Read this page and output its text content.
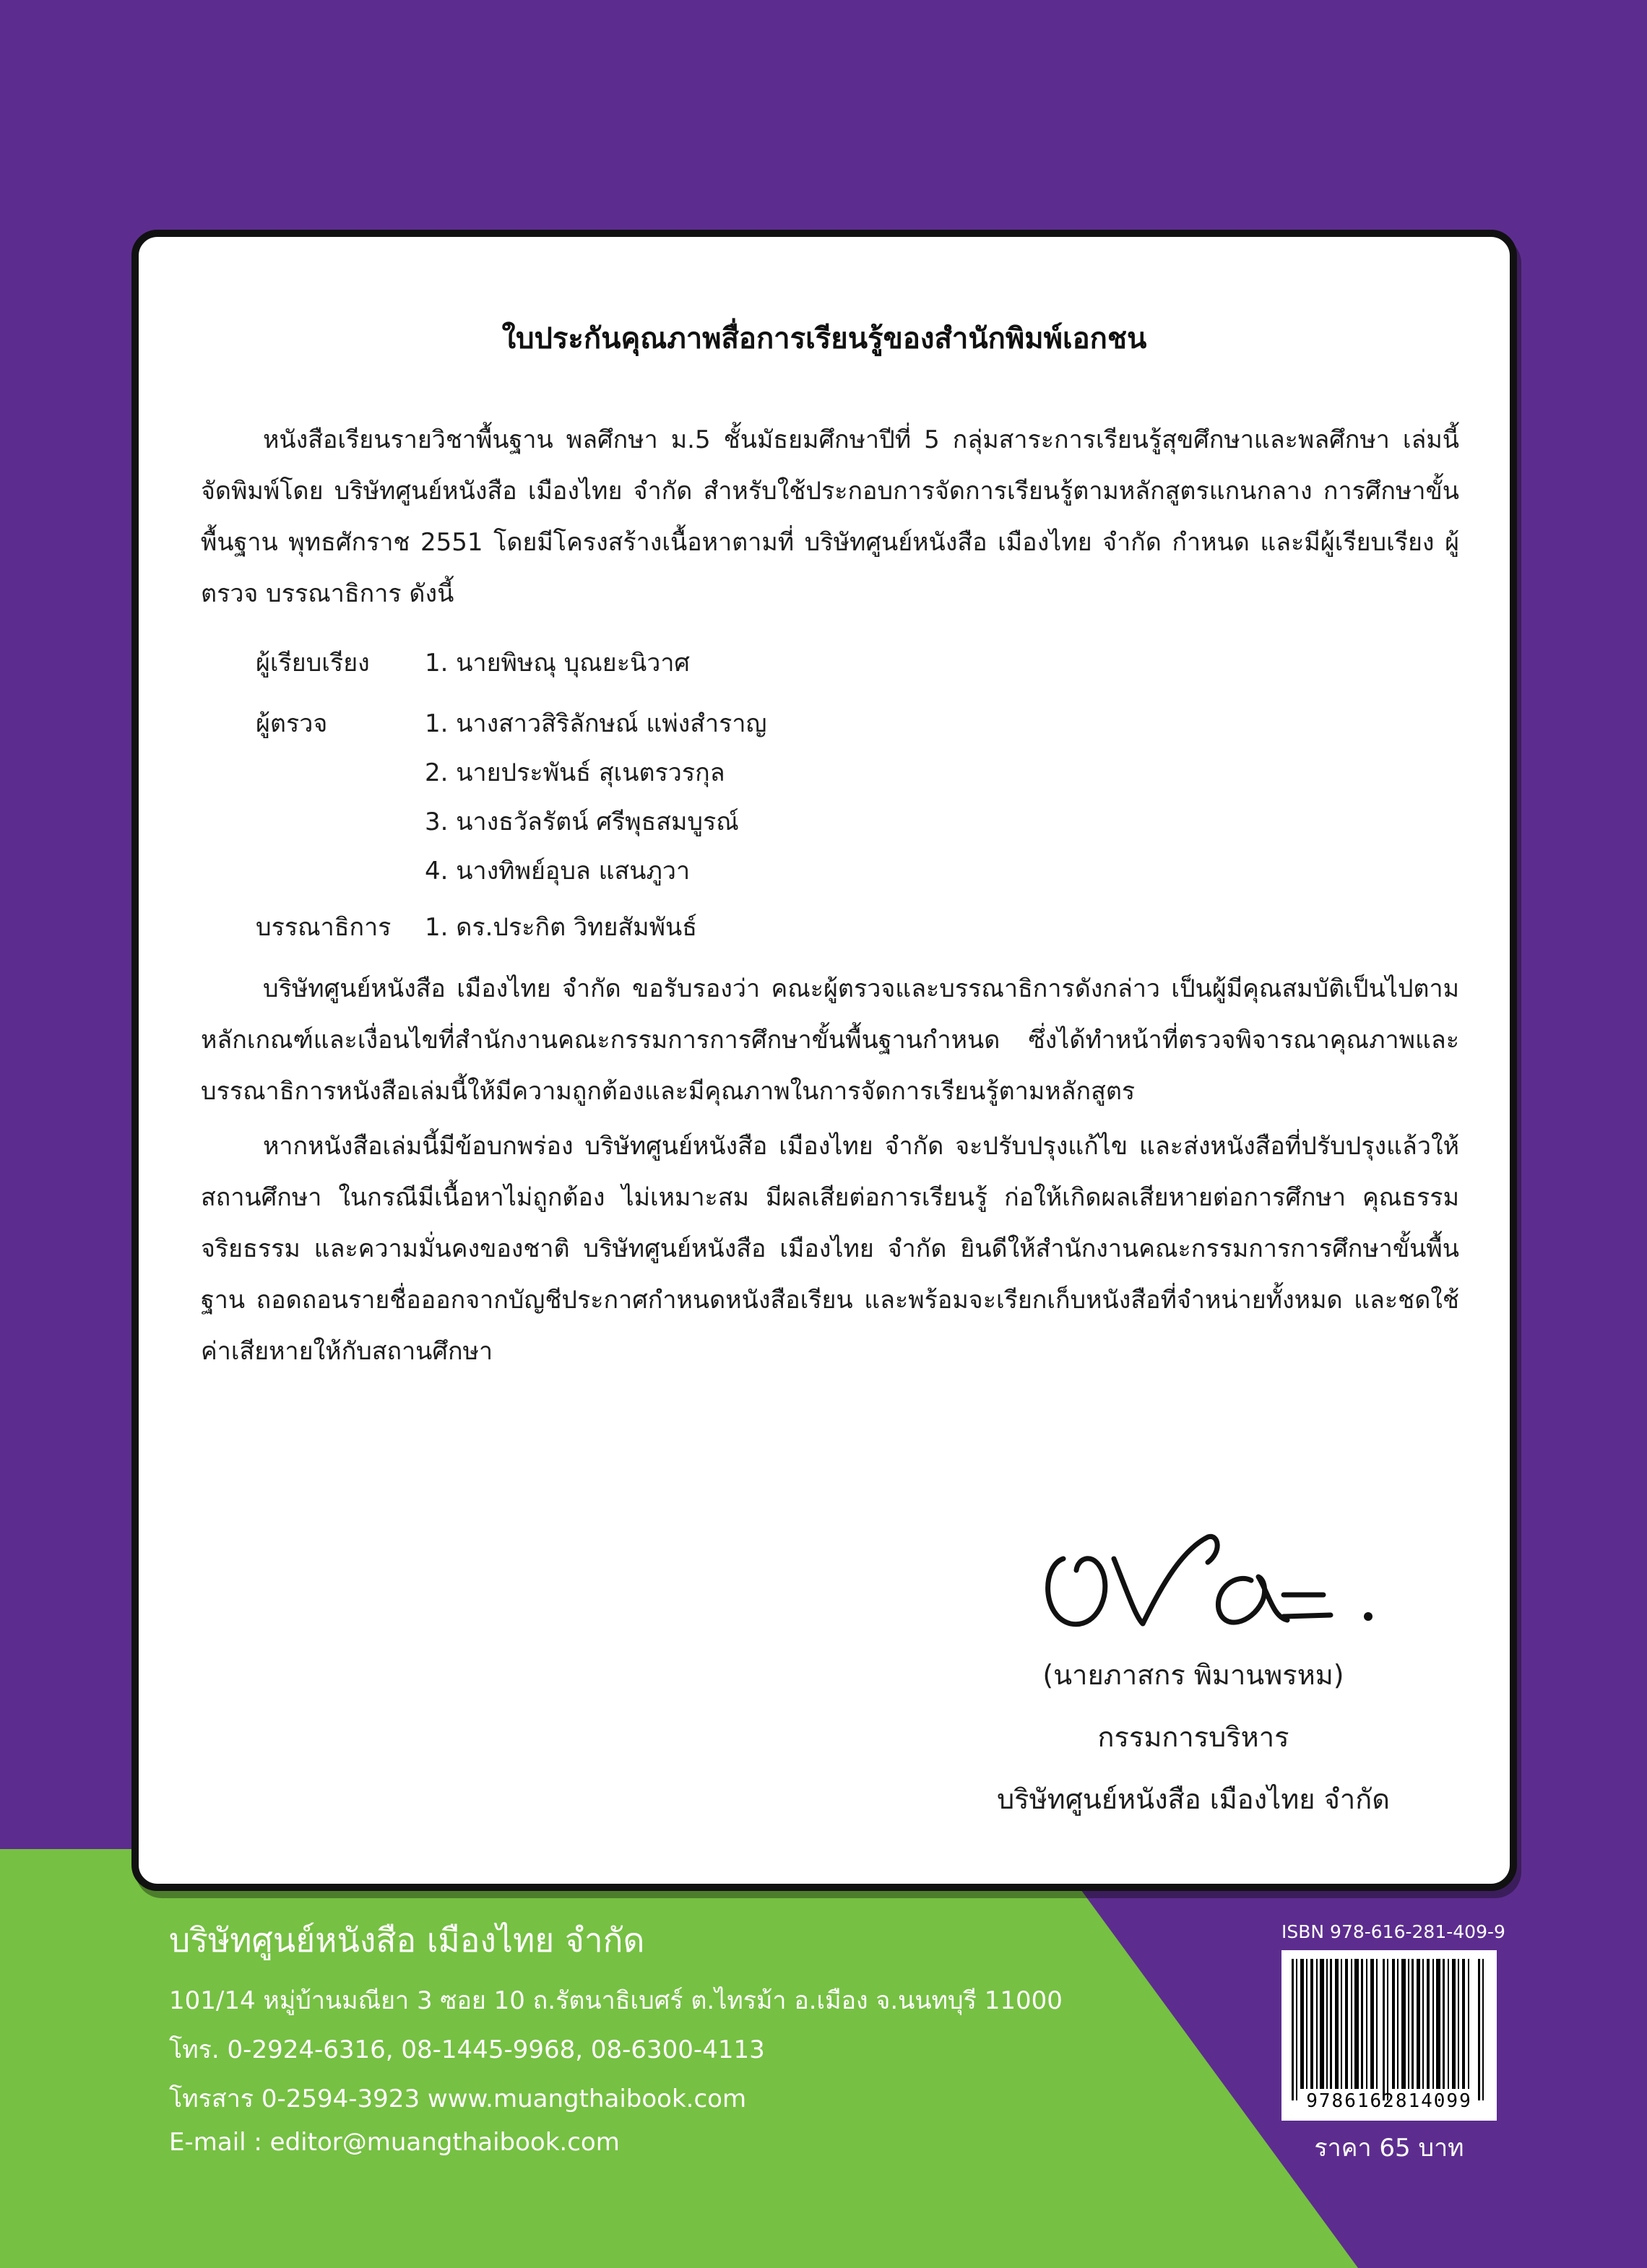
ใบประกันคุณภาพสื่อการเรียนรู้ของสำนักพิมพ์เอกชน
หนังสือเรียนรายวิชาพื้นฐาน พลศึกษา ม.5 ชั้นมัธยมศึกษาปีที่ 5 กลุ่มสาระการเรียนรู้สุขศึกษาและพลศึกษา เล่มนี้ จัดพิมพ์โดย บริษัทศูนย์หนังสือ เมืองไทย จำกัด สำหรับใช้ประกอบการจัดการเรียนรู้ตามหลักสูตรแกนกลาง การศึกษาขั้นพื้นฐาน พุทธศักราช 2551 โดยมีโครงสร้างเนื้อหาตามที่ บริษัทศูนย์หนังสือ เมืองไทย จำกัด กำหนด และมีผู้เรียบเรียง ผู้ตรวจ บรรณาธิการ ดังนี้
ผู้เรียบเรียง 1. นายพิษณุ บุณยะนิวาศ
ผู้ตรวจ	1. นางสาวสิริลักษณ์ แพ่งสำราญ
2. นายประพันธ์ สุเนตรวรกุล
3. นางธวัลรัตน์ ศรีพุธสมบูรณ์
4. นางทิพย์อุบล แสนภูวา
บรรณาธิการ 1. ดร.ประกิต วิทยสัมพันธ์
บริษัทศูนย์หนังสือ เมืองไทย จำกัด ขอรับรองว่า คณะผู้ตรวจและบรรณาธิการดังกล่าว เป็นผู้มีคุณสมบัติเป็นไปตามหลักเกณฑ์และเงื่อนไขที่สำนักงานคณะกรรมการการศึกษาขั้นพื้นฐานกำหนด ซึ่งได้ทำหน้าที่ตรวจพิจารณาคุณภาพและบรรณาธิการหนังสือเล่มนี้ให้มีความถูกต้องและมีคุณภาพในการจัดการเรียนรู้ตามหลักสูตร
หากหนังสือเล่มนี้มีข้อบกพร่อง บริษัทศูนย์หนังสือ เมืองไทย จำกัด จะปรับปรุงแก้ไข และส่งหนังสือที่ปรับปรุงแล้วให้สถานศึกษา ในกรณีมีเนื้อหาไม่ถูกต้อง ไม่เหมาะสม มีผลเสียต่อการเรียนรู้ ก่อให้เกิดผลเสียหายต่อการศึกษา คุณธรรม จริยธรรม และความมั่นคงของชาติ บริษัทศูนย์หนังสือ เมืองไทย จำกัด ยินดีให้สำนักงานคณะกรรมการการศึกษาขั้นพื้นฐาน ถอดถอนรายชื่อออกจากบัญชีประกาศกำหนดหนังสือเรียน และพร้อมจะเรียกเก็บหนังสือที่จำหน่ายทั้งหมด และชดใช้ค่าเสียหายให้กับสถานศึกษา
(นายภาสกร พิมานพรหม)
กรรมการบริหาร
บริษัทศูนย์หนังสือ เมืองไทย จำกัด
บริษัทศูนย์หนังสือ เมืองไทย จำกัด
101/14 หมู่บ้านมณียา 3 ซอย 10 ถ.รัตนาธิเบศร์ ต.ไทรม้า อ.เมือง จ.นนทบุรี 11000
โทร. 0-2924-6316, 08-1445-9968, 08-6300-4113
โทรสาร 0-2594-3923 www.muangthaibook.com
E-mail : editor@muangthaibook.com
ISBN 978-616-281-409-9
9786162814099
ราคา 65 บาท
